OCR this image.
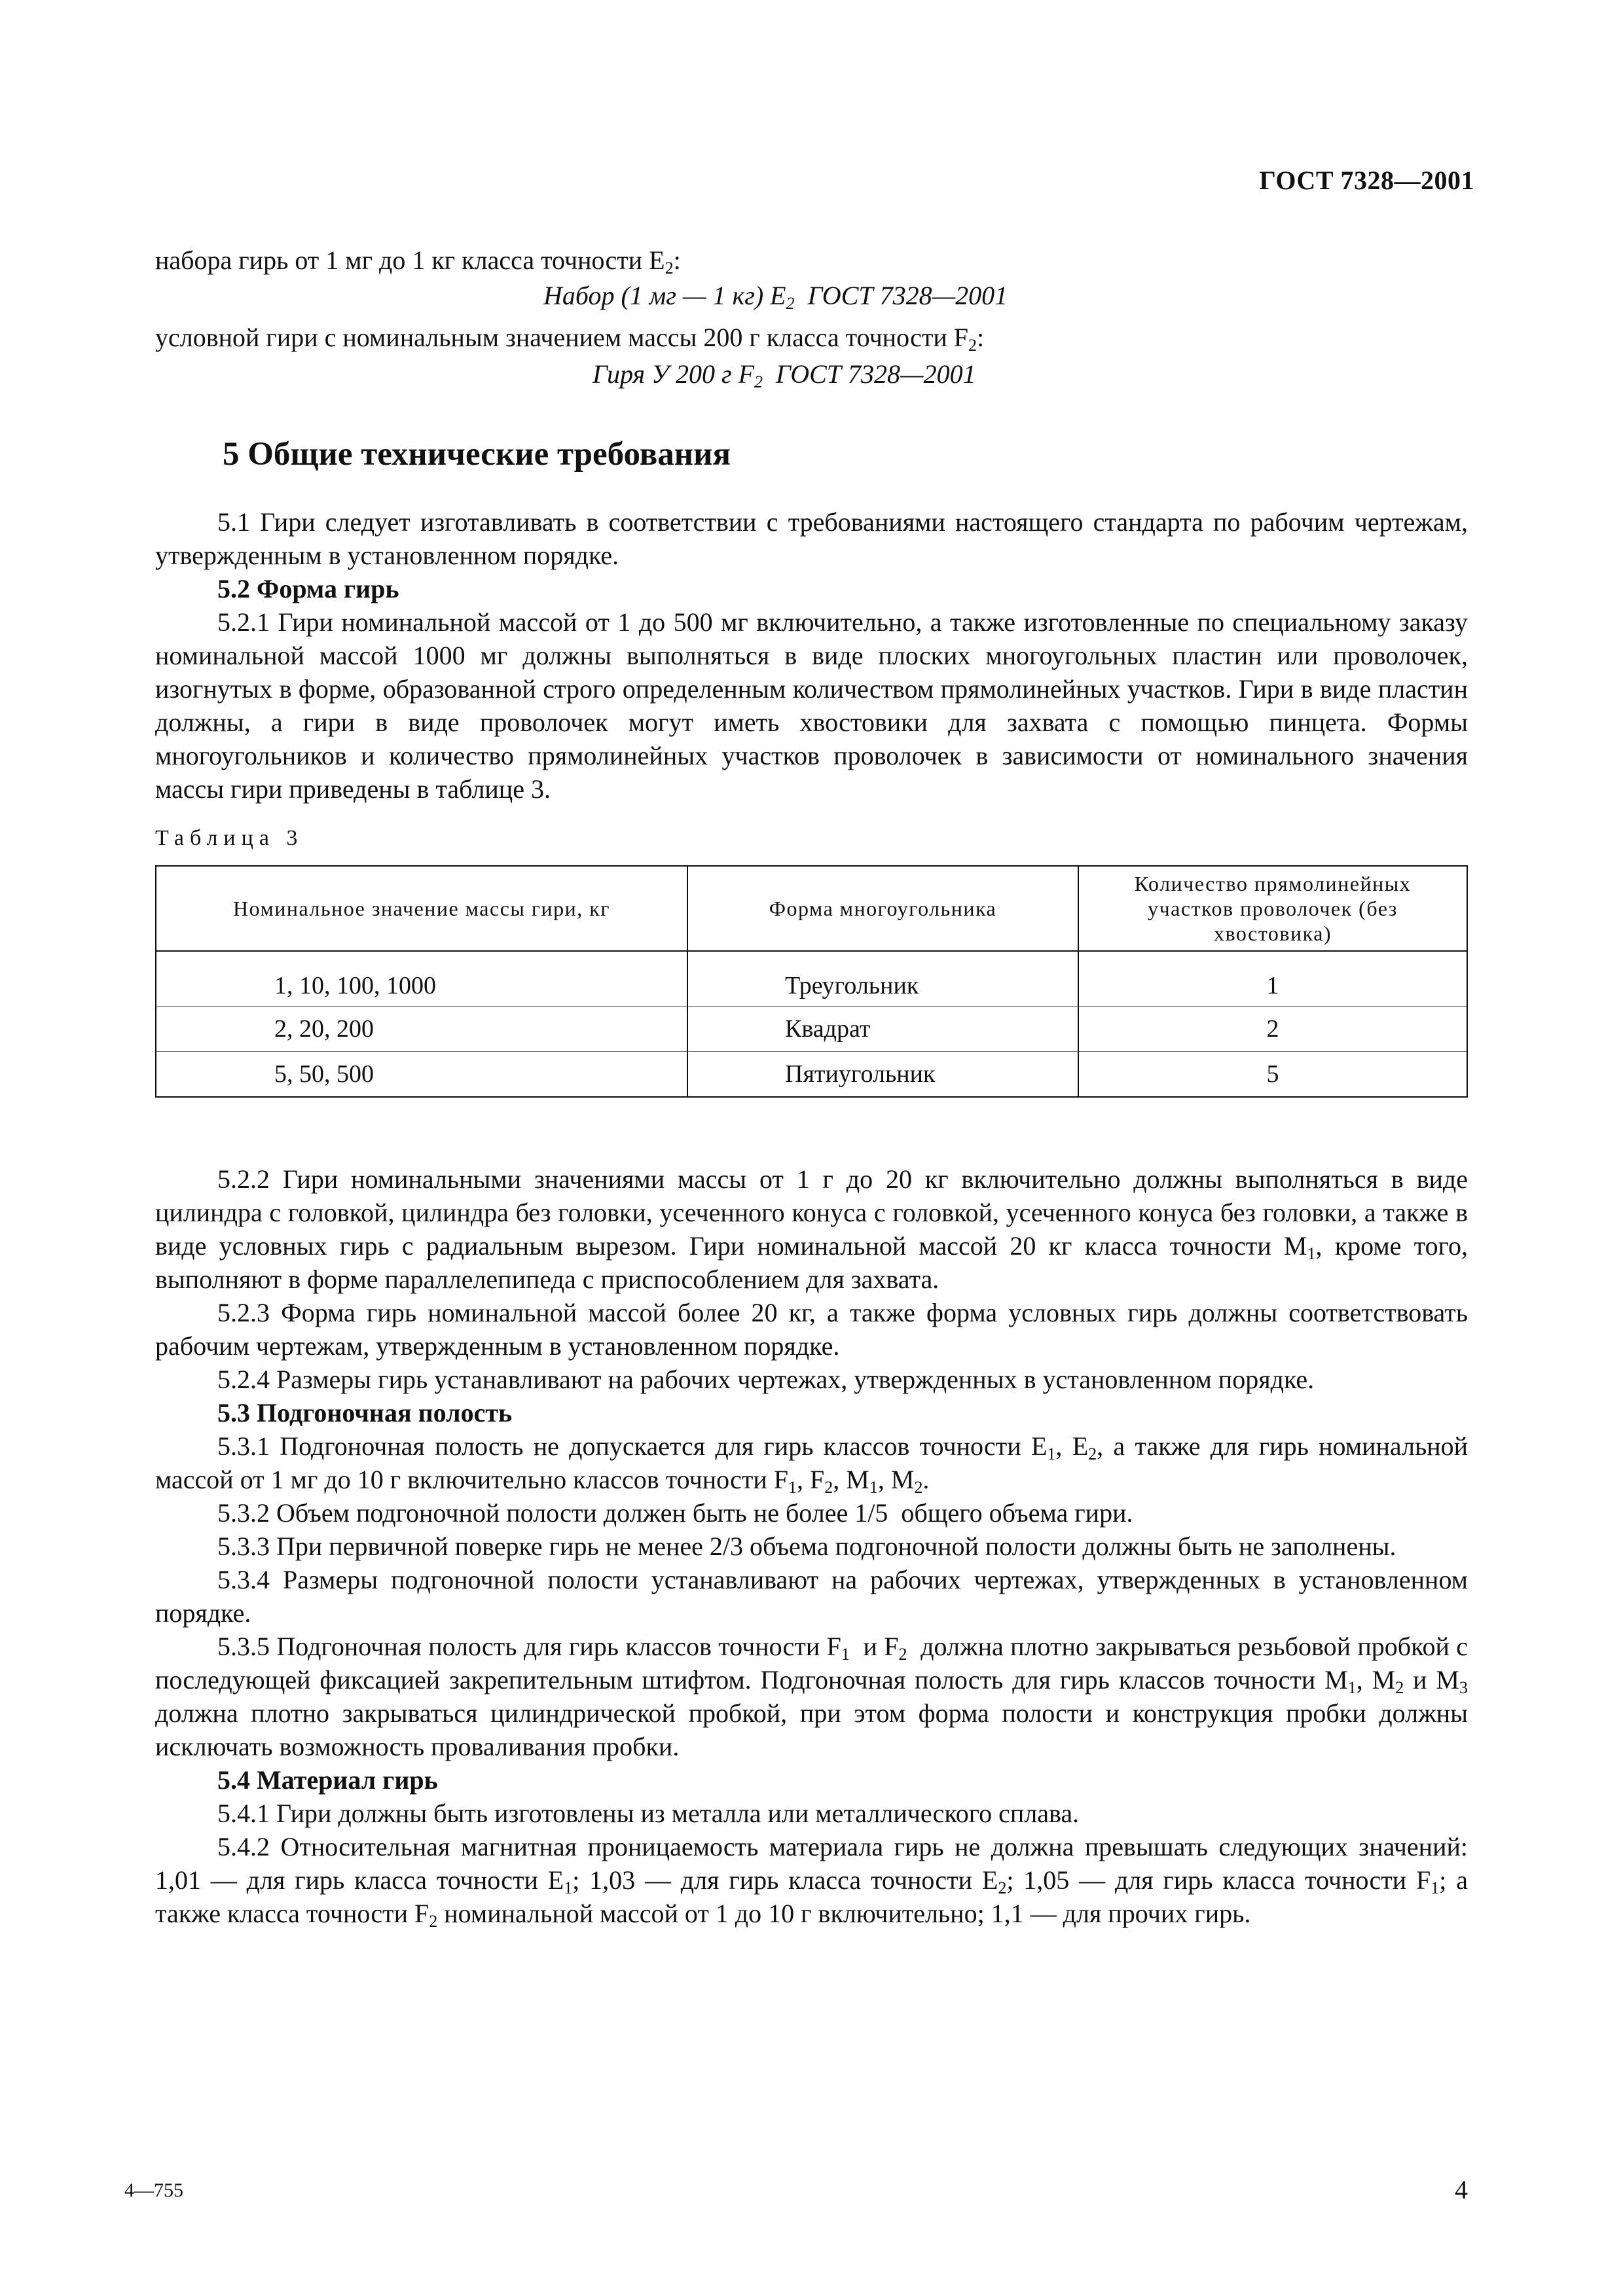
ГОСТ 7328—2001
набора гирь от 1 мг до 1 кг класса точности $E_2$:
Набор (1 мг — 1 кг) $E_2$  ГОСТ 7328—2001
условной гири с номинальным значением массы 200 г класса точности $F_2$:
Гиря У 200 г $F_2$  ГОСТ 7328—2001
5 Общие технические требования
5.1 Гири следует изготавливать в соответствии с требованиями настоящего стандарта по рабочим чертежам, утвержденным в установленном порядке.
5.2 Форма гирь
5.2.1 Гири номинальной массой от 1 до 500 мг включительно, а также изготовленные по специальному заказу номинальной массой 1000 мг должны выполняться в виде плоских многоугольных пластин или проволочек, изогнутых в форме, образованной строго определенным количеством прямолинейных участков. Гири в виде пластин должны, а гири в виде проволочек могут иметь хвостовики для захвата с помощью пинцета. Формы многоугольников и количество прямолинейных участков проволочек в зависимости от номинального значения массы гири приведены в таблице 3.
Таблица 3
Номинальное значение массы гири, кг	Форма многоугольника	Количество прямолинейных участков проволочек (без хвостовика)
1, 10, 100, 1000	Треугольник	1
2, 20, 200	Квадрат	2
5, 50, 500	Пятиугольник	5
5.2.2 Гири номинальными значениями массы от 1 г до 20 кг включительно должны выполняться в виде цилиндра с головкой, цилиндра без головки, усеченного конуса с головкой, усеченного конуса без головки, а также в виде условных гирь с радиальным вырезом. Гири номинальной массой 20 кг класса точности $M_1$, кроме того, выполняют в форме параллелепипеда с приспособлением для захвата.
5.2.3 Форма гирь номинальной массой более 20 кг, а также форма условных гирь должны соответствовать рабочим чертежам, утвержденным в установленном порядке.
5.2.4 Размеры гирь устанавливают на рабочих чертежах, утвержденных в установленном порядке.
5.3 Подгоночная полость
5.3.1 Подгоночная полость не допускается для гирь классов точности $E_1$, $E_2$, а также для гирь номинальной массой от 1 мг до 10 г включительно классов точности $F_1$, $F_2$, $M_1$, $M_2$.
5.3.2 Объем подгоночной полости должен быть не более 1/5  общего объема гири.
5.3.3 При первичной поверке гирь не менее 2/3 объема подгоночной полости должны быть не заполнены.
5.3.4 Размеры подгоночной полости устанавливают на рабочих чертежах, утвержденных в установленном порядке.
5.3.5 Подгоночная полость для гирь классов точности $F_1$  и $F_2$  должна плотно закрываться резьбовой пробкой с последующей фиксацией закрепительным штифтом. Подгоночная полость для гирь классов точности $M_1$, $M_2$ и $M_3$  должна плотно закрываться цилиндрической пробкой, при этом форма полости и конструкция пробки должны исключать возможность проваливания пробки.
5.4 Материал гирь
5.4.1 Гири должны быть изготовлены из металла или металлического сплава.
5.4.2 Относительная магнитная проницаемость материала гирь не должна превышать следующих значений: 1,01 — для гирь класса точности $E_1$; 1,03 — для гирь класса точности $E_2$; 1,05 — для гирь класса точности $F_1$; а также класса точности $F_2$ номинальной массой от 1 до 10 г включительно; 1,1 — для прочих гирь.
4—755	4
